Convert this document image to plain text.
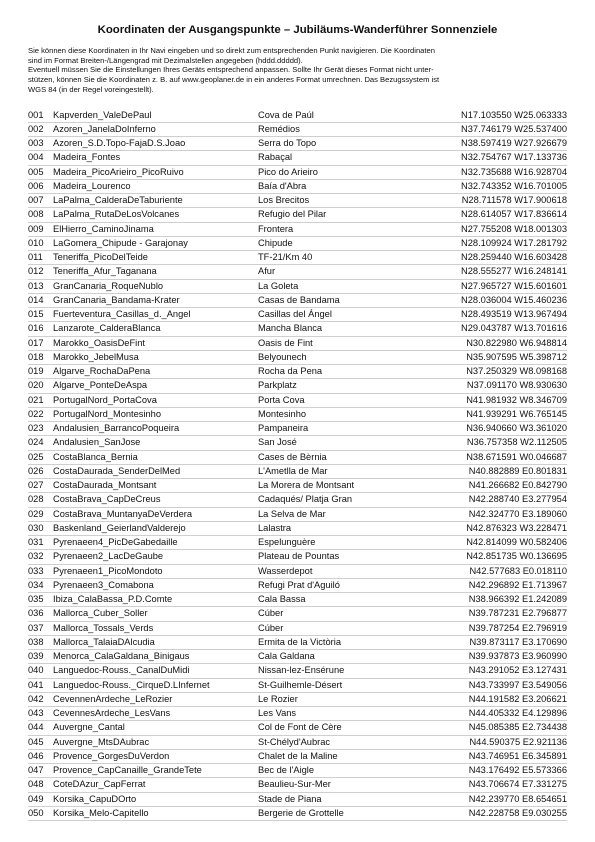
Koordinaten der Ausgangspunkte – Jubiläums-Wanderführer Sonnenziele
Sie können diese Koordinaten in Ihr Navi eingeben und so direkt zum entsprechenden Punkt navigieren. Die Koordinaten
sind im Format Breiten-/Längengrad mit Dezimalstellen angegeben (hddd.ddddd).
Eventuell müssen Sie die Einstellungen Ihres Geräts entsprechend anpassen. Sollte Ihr Gerät dieses Format nicht unter-
stützen, können Sie die Koordinaten z. B. auf www.geoplaner.de in ein anderes Format umrechnen. Das Bezugssystem ist
WGS 84 (in der Regel voreingestellt).
001 Kapverden_ValeDePaul	Cova de Paúl	N17.103550 W25.063333
002 Azoren_JanelaDoInferno	Remédios	N37.746179 W25.537400
003 Azoren_S.D.Topo-FajaD.S.Joao	Serra do Topo	N38.597419 W27.926679
004 Madeira_Fontes	Rabaçal	N32.754767 W17.133736
005 Madeira_PicoArieiro_PicoRuivo	Pico do Arieiro	N32.735688 W16.928704
006 Madeira_Lourenco	Baía d'Abra	N32.743352 W16.701005
007 LaPalma_CalderaDeTaburiente	Los Brecitos	N28.711578 W17.900618
008 LaPalma_RutaDeLosVolcanes	Refugio del Pilar	N28.614057 W17.836614
009 ElHierro_CaminoJinama	Frontera	N27.755208 W18.001303
010 LaGomera_Chipude - Garajonay	Chipude	N28.109924 W17.281792
011 Teneriffa_PicoDelTeide	TF-21/Km 40	N28.259440 W16.603428
012 Teneriffa_Afur_Taganana	Afur	N28.555277 W16.248141
013 GranCanaria_RoqueNublo	La Goleta	N27.965727 W15.601601
014 GranCanaria_Bandama-Krater	Casas de Bandama	N28.036004 W15.460236
015 Fuerteventura_Casillas_d._Angel	Casillas del Ángel	N28.493519 W13.967494
016 Lanzarote_CalderaBlanca	Mancha Blanca	N29.043787 W13.701616
017 Marokko_OasisDeFint	Oasis de Fint	N30.822980 W6.948814
018 Marokko_JebelMusa	Belyounech	N35.907595 W5.398712
019 Algarve_RochaDaPena	Rocha da Pena	N37.250329 W8.098168
020 Algarve_PonteDeAspa	Parkplatz	N37.091170 W8.930630
021 PortugalNord_PortaCova	Porta Cova	N41.981932 W8.346709
022 PortugalNord_Montesinho	Montesinho	N41.939291 W6.765145
023 Andalusien_BarrancoPoqueira	Pampaneira	N36.940660 W3.361020
024 Andalusien_SanJose	San José	N36.757358 W2.112505
025 CostaBlanca_Bernia	Cases de Bèrnia	N38.671591 W0.046687
026 CostaDaurada_SenderDelMed	L'Ametlla de Mar	N40.882889 E0.801831
027 CostaDaurada_Montsant	La Morera de Montsant	N41.266682 E0.842790
028 CostaBrava_CapDeCreus	Cadaqués/ Platja Gran	N42.288740 E3.277954
029 CostaBrava_MuntanyaDeVerdera	La Selva de Mar	N42.324770 E3.189060
030 Baskenland_GeierlandValderejo	Lalastra	N42.876323 W3.228471
031 Pyrenaeen4_PicDeGabedaille	Espelunguère	N42.814099 W0.582406
032 Pyrenaeen2_LacDeGaube	Plateau de Pountas	N42.851735 W0.136695
033 Pyrenaeen1_PicoMondoto	Wasserdepot	N42.577683 E0.018110
034 Pyrenaeen3_Comabona	Refugi Prat d'Aguiló	N42.296892 E1.713967
035 Ibiza_CalaBassa_P.D.Comte	Cala Bassa	N38.966392 E1.242089
036 Mallorca_Cuber_Soller	Cúber	N39.787231 E2.796877
037 Mallorca_Tossals_Verds	Cúber	N39.787254 E2.796919
038 Mallorca_TalaiaDAlcudia	Ermita de la Victòria	N39.873117 E3.170690
039 Menorca_CalaGaldana_Binigaus	Cala Galdana	N39.937873 E3.960990
040 Languedoc-Rouss._CanalDuMidi	Nissan-lez-Ensérune	N43.291052 E3.127431
041 Languedoc-Rouss._CirqueD.LInfernet	St-Guilhemle-Désert	N43.733997 E3.549056
042 CevennenArdeche_LeRozier	Le Rozier	N44.191582 E3.206621
043 CevennesArdeche_LesVans	Les Vans	N44.405332 E4.129896
044 Auvergne_Cantal	Col de Font de Cère	N45.085385 E2.734438
045 Auvergne_MtsDAubrac	St-Chélyd'Aubrac	N44.590375 E2.921136
046 Provence_GorgesDuVerdon	Chalet de la Maline	N43.746951 E6.345891
047 Provence_CapCanaille_GrandeTete	Bec de l'Aigle	N43.176492 E5.573366
048 CoteDAzur_CapFerrat	Beaulieu-Sur-Mer	N43.706674 E7.331275
049 Korsika_CapuDOrto	Stade de Piana	N42.239770 E8.654651
050 Korsika_Melo-Capitello	Bergerie de Grottelle	N42.228758 E9.030255
